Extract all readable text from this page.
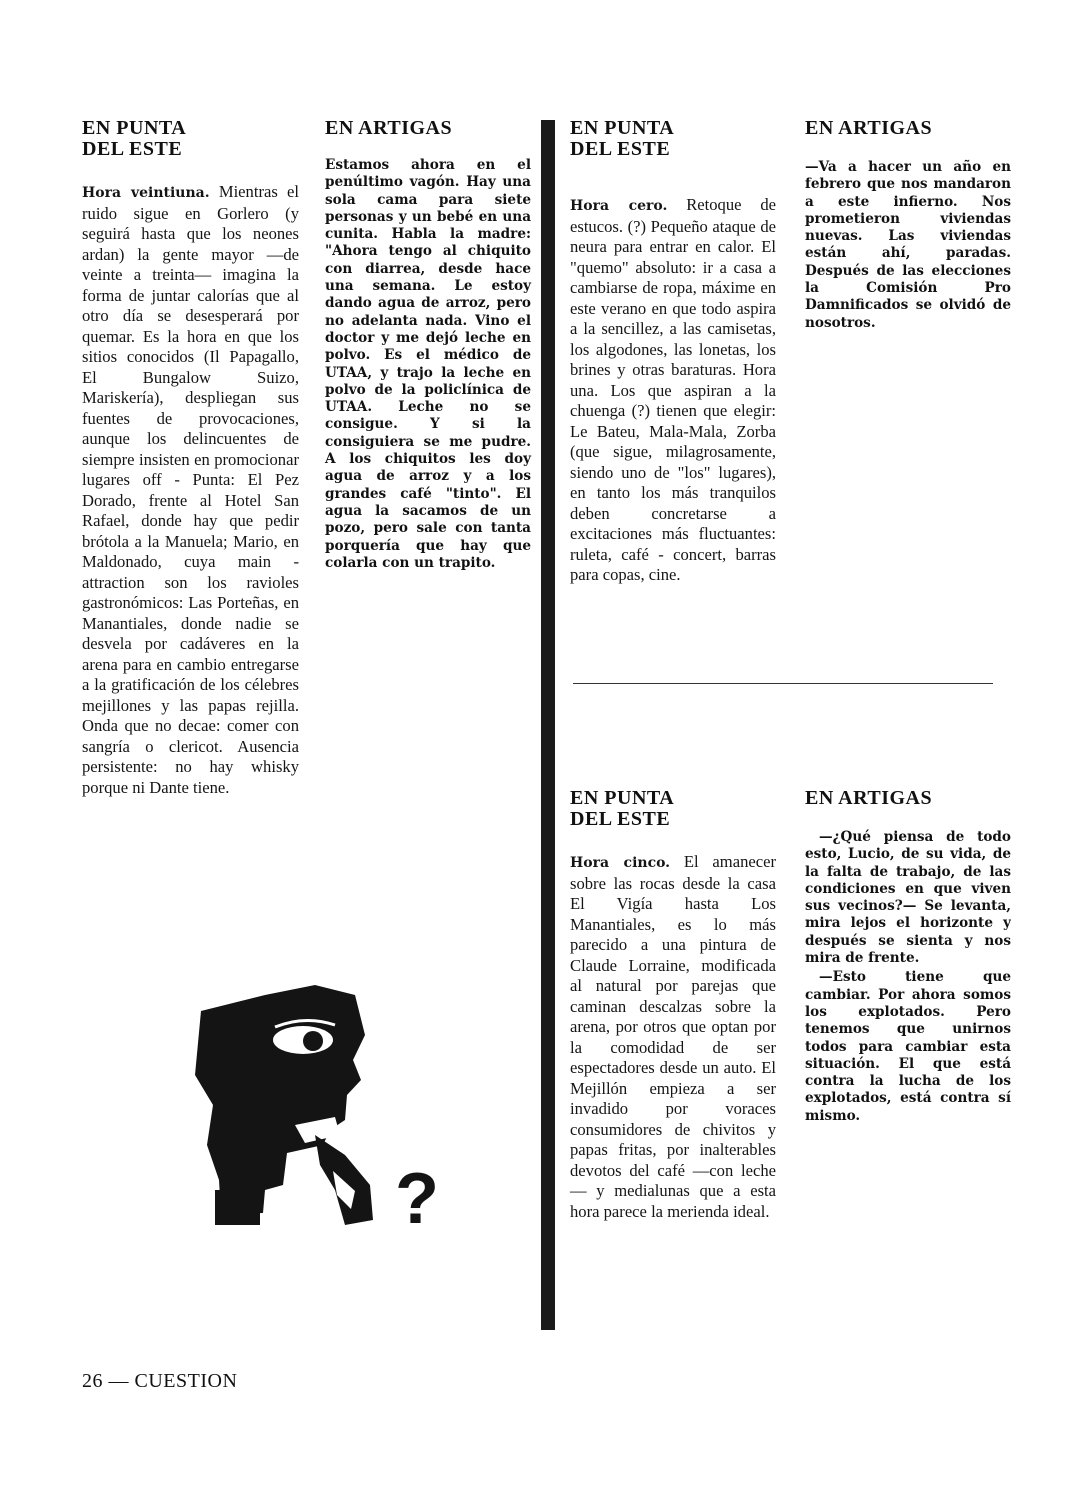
EN PUNTA
DEL ESTE

Hora veintiuna. Mientras el ruido sigue en Gorlero (y seguirá hasta que los neones ardan) la gente mayor —de veinte a treinta— imagina la forma de juntar calorías que al otro día se desesperará por quemar. Es la hora en que los sitios conocidos (Il Papagallo, El Bungalow Suizo, Mariskería), despliegan sus fuentes de provocaciones, aunque los delincuentes de siempre insisten en promocionar lugares off - Punta: El Pez Dorado, frente al Hotel San Rafael, donde hay que pedir brótola a la Manuela; Mario, en Maldonado, cuya main - attraction son los ravioles gastronómicos: Las Porteñas, en Manantiales, donde nadie se desvela por cadáveres en la arena para en cambio entregarse a la gratificación de los célebres mejillones y las papas rejilla. Onda que no decae: comer con sangría o clericot. Ausencia persistente: no hay whisky porque ni Dante tiene.

EN ARTIGAS

Estamos ahora en el penúltimo vagón. Hay una sola cama para siete personas y un bebé en una cunita. Habla la madre: "Ahora tengo al chiquito con diarrea, desde hace una semana. Le estoy dando agua de arroz, pero no adelanta nada. Vino el doctor y me dejó leche en polvo. Es el médico de UTAA, y trajo la leche en polvo de la policlínica de UTAA. Leche no se consigue. Y si la consiguiera se me pudre. A los chiquitos les doy agua de arroz y a los grandes café "tinto". El agua la sacamos de un pozo, pero sale con tanta porquería que hay que colarla con un trapito.

EN PUNTA
DEL ESTE

Hora cero. Retoque de estucos. (?) Pequeño ataque de neura para entrar en calor. El "quemo" absoluto: ir a casa a cambiarse de ropa, máxime en este verano en que todo aspira a la sencillez, a las camisetas, los algodones, las lonetas, los brines y otras baraturas. Hora una. Los que aspiran a la chuenga (?) tienen que elegir: Le Bateu, Mala-Mala, Zorba (que sigue, milagrosamente, siendo uno de "los" lugares), en tanto los más tranquilos deben concretarse a excitaciones más fluctuantes: ruleta, café - concert, barras para copas, cine.

EN ARTIGAS

—Va a hacer un año en febrero que nos mandaron a este infierno. Nos prometieron viviendas nuevas. Las viviendas están ahí, paradas. Después de las elecciones la Comisión Pro Damnificados se olvidó de nosotros.

EN PUNTA
DEL ESTE

Hora cinco. El amanecer sobre las rocas desde la casa El Vigía hasta Los Manantiales, es lo más parecido a una pintura de Claude Lorraine, modificada al natural por parejas que caminan descalzas sobre la arena, por otros que optan por la comodidad de ser espectadores desde un auto. El Mejillón empieza a ser invadido por voraces consumidores de chivitos y papas fritas, por inalterables devotos del café —con leche— y medialunas que a esta hora parece la merienda ideal.

EN ARTIGAS

—¿Qué piensa de todo esto, Lucio, de su vida, de la falta de trabajo, de las condiciones en que viven sus vecinos?— Se levanta, mira lejos el horizonte y después se sienta y nos mira de frente.

—Esto tiene que cambiar. Por ahora somos los explotados. Pero tenemos que unirnos todos para cambiar esta situación. El que está contra la lucha de los explotados, está contra sí mismo.

?
26 — CUESTION
